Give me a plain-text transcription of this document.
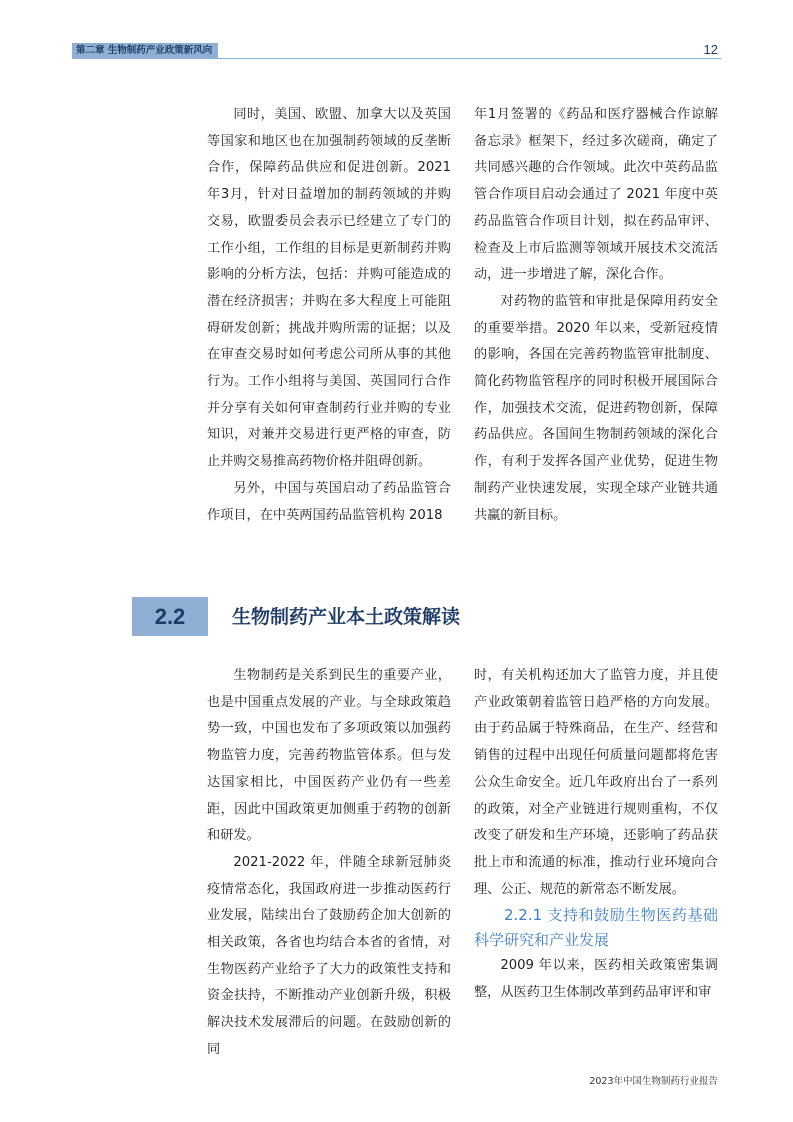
第二章 生物制药产业政策新风向	12

同时，美国、欧盟、加拿大以及英国等国家和地区也在加强制药领域的反垄断合作，保障药品供应和促进创新。2021年3月，针对日益增加的制药领域的并购交易，欧盟委员会表示已经建立了专门的工作小组，工作组的目标是更新制药并购影响的分析方法，包括：并购可能造成的潜在经济损害；并购在多大程度上可能阻碍研发创新；挑战并购所需的证据；以及在审查交易时如何考虑公司所从事的其他行为。工作小组将与美国、英国同行合作并分享有关如何审查制药行业并购的专业知识，对兼并交易进行更严格的审查，防止并购交易推高药物价格并阻碍创新。

另外，中国与英国启动了药品监管合作项目，在中英两国药品监管机构 2018

年1月签署的《药品和医疗器械合作谅解备忘录》框架下，经过多次磋商，确定了共同感兴趣的合作领域。此次中英药品监管合作项目启动会通过了 2021 年度中英药品监管合作项目计划，拟在药品审评、检查及上市后监测等领域开展技术交流活动，进一步增进了解，深化合作。

对药物的监管和审批是保障用药安全的重要举措。2020 年以来，受新冠疫情的影响，各国在完善药物监管审批制度、简化药物监管程序的同时积极开展国际合作，加强技术交流，促进药物创新，保障药品供应。各国间生物制药领域的深化合作，有利于发挥各国产业优势，促进生物制药产业快速发展，实现全球产业链共通共赢的新目标。

2.2	生物制药产业本土政策解读

生物制药是关系到民生的重要产业，也是中国重点发展的产业。与全球政策趋势一致，中国也发布了多项政策以加强药物监管力度，完善药物监管体系。但与发达国家相比，中国医药产业仍有一些差距，因此中国政策更加侧重于药物的创新和研发。

2021-2022 年，伴随全球新冠肺炎疫情常态化，我国政府进一步推动医药行业发展，陆续出台了鼓励药企加大创新的相关政策，各省也均结合本省的省情，对生物医药产业给予了大力的政策性支持和资金扶持，不断推动产业创新升级，积极解决技术发展滞后的问题。在鼓励创新的同

时，有关机构还加大了监管力度，并且使产业政策朝着监管日趋严格的方向发展。由于药品属于特殊商品，在生产、经营和销售的过程中出现任何质量问题都将危害公众生命安全。近几年政府出台了一系列的政策，对全产业链进行规则重构，不仅改变了研发和生产环境，还影响了药品获批上市和流通的标准，推动行业环境向合理、公正、规范的新常态不断发展。

2.2.1 支持和鼓励生物医药基础科学研究和产业发展

2009 年以来，医药相关政策密集调整，从医药卫生体制改革到药品审评和审

2023年中国生物制药行业报告
